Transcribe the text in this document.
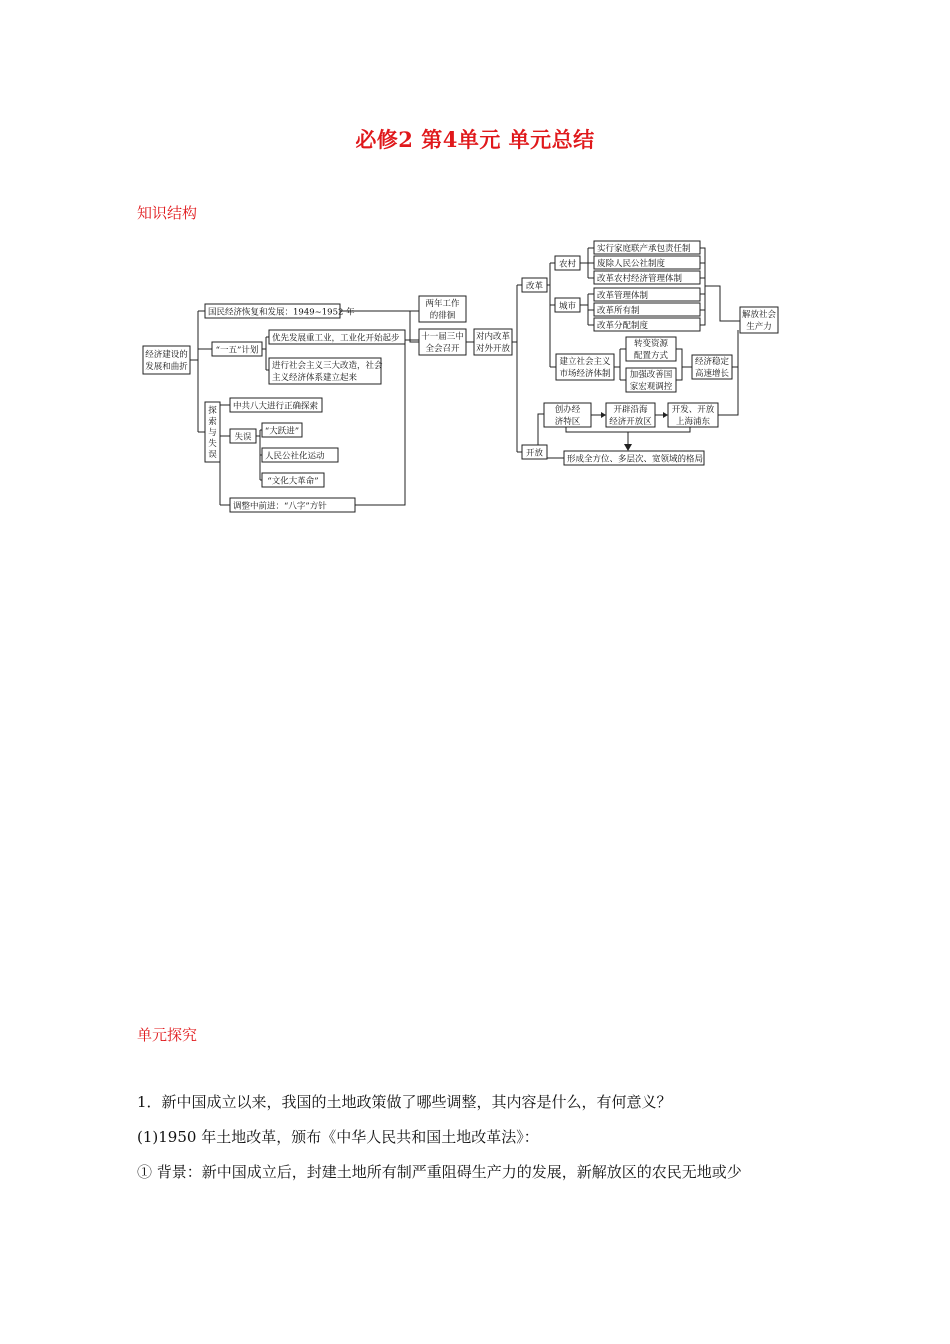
必修2 第4单元 单元总结
知识结构
经济建设的
发展和曲折
国民经济恢复和发展：1949~1952 年
“一五”计划
优先发展重工业，工业化开始起步
进行社会主义三大改造，社会
主义经济体系建立起来
探
索
与
失
误
中共八大进行正确探索
失误
“大跃进”
人民公社化运动
“文化大革命”
调整中前进：“八字”方针
两年工作
的徘徊
十一届三中
全会召开
对内改革
对外开放
改革
农村
实行家庭联产承包责任制
废除人民公社制度
改革农村经济管理体制
城市
改革管理体制
改革所有制
改革分配制度
建立社会主义
市场经济体制
转变资源
配置方式
加强改善国
家宏观调控
经济稳定
高速增长
解放社会
生产力
开放
创办经
济特区
开辟沿海
经济开放区
开发、开放
上海浦东
形成全方位、多层次、宽领域的格局
单元探究
1．新中国成立以来，我国的土地政策做了哪些调整，其内容是什么，有何意义？
(1)1950 年土地改革，颁布《中华人民共和国土地改革法》：
① 背景：新中国成立后，封建土地所有制严重阻碍生产力的发展，新解放区的农民无地或少
